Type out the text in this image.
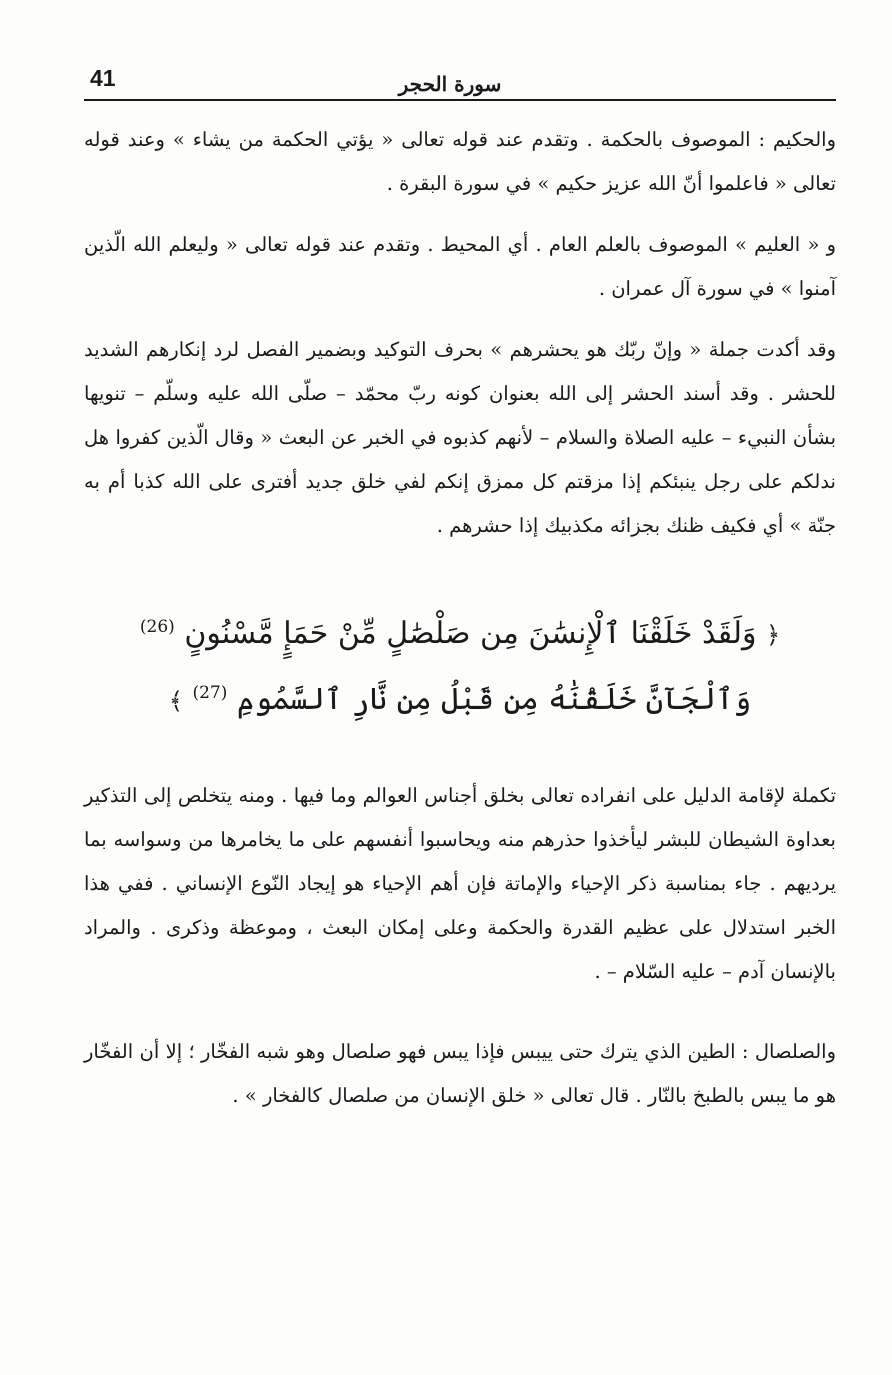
41	سورة الحجر

والحكيم : الموصوف بالحكمة . وتقدم عند قوله تعالى « يؤتي الحكمة من يشاء » وعند قوله تعالى « فاعلموا أنّ الله عزيز حكيم » في سورة البقرة .

و « العليم » الموصوف بالعلم العام . أي المحيط . وتقدم عند قوله تعالى « وليعلم الله الّذين آمنوا » في سورة آل عمران .

وقد أكدت جملة « وإنّ ربّك هو يحشرهم » بحرف التوكيد وبضمير الفصل لرد إنكارهم الشديد للحشر . وقد أسند الحشر إلى الله بعنوان كونه ربّ محمّد – صلّى الله عليه وسلّم – تنويها بشأن النبيء – عليه الصلاة والسلام – لأنهم كذبوه في الخبر عن البعث « وقال الّذين كفروا هل ندلكم على رجل ينبئكم إذا مزقتم كل ممزق إنكم لفي خلق جديد أفترى على الله كذبا أم به جنّة » أي فكيف ظنك بجزائه مكذبيك إذا حشرهم .

﴿ وَلَقَدْ خَلَقْنَا ٱلْإِنسَٰنَ مِن صَلْصَٰلٍ مِّنْ حَمَإٍ مَّسْنُونٍ $^{(26)}$
وَٱلْجَآنَّ خَلَقْنَٰهُ مِن قَبْلُ مِن نَّارِ ٱلسَّمُومِ $^{(27)}$ ﴾

تكملة لإقامة الدليل على انفراده تعالى بخلق أجناس العوالم وما فيها . ومنه يتخلص إلى التذكير بعداوة الشيطان للبشر ليأخذوا حذرهم منه ويحاسبوا أنفسهم على ما يخامرها من وسواسه بما يرديهم . جاء بمناسبة ذكر الإحياء والإماتة فإن أهم الإحياء هو إيجاد النّوع الإنساني . ففي هذا الخبر استدلال على عظيم القدرة والحكمة وعلى إمكان البعث ، وموعظة وذكرى . والمراد بالإنسان آدم – عليه السّلام – .

والصلصال : الطين الذي يترك حتى ييبس فإذا يبس فهو صلصال وهو شبه الفخّار ؛ إلا أن الفخّار هو ما يبس بالطبخ بالنّار . قال تعالى « خلق الإنسان من صلصال كالفخار » .
